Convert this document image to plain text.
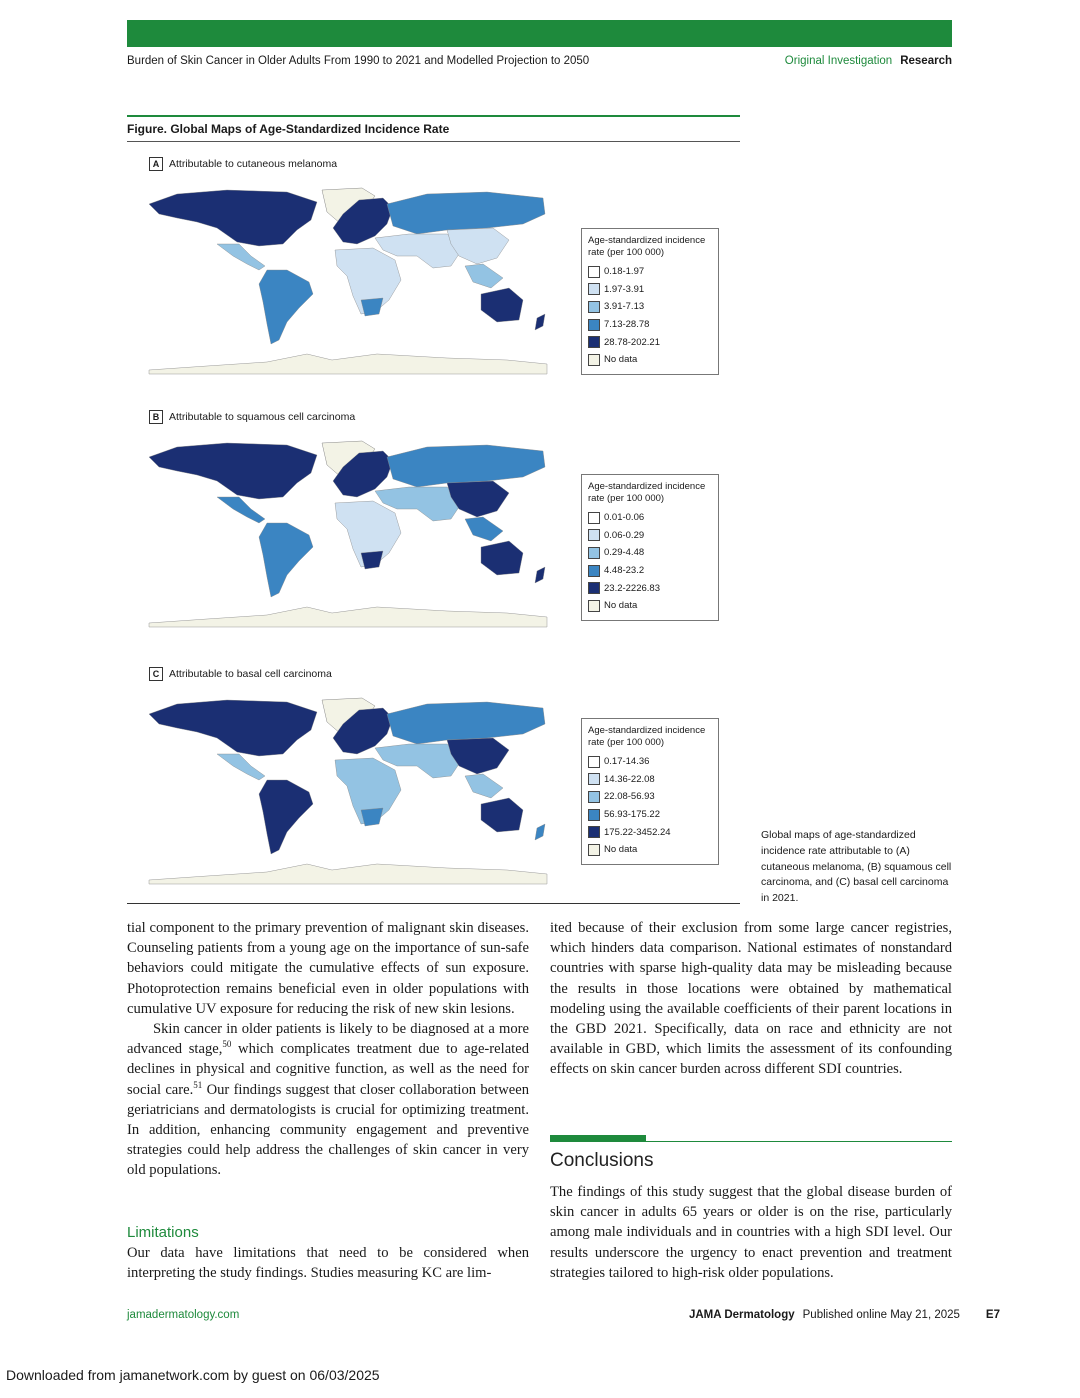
Burden of Skin Cancer in Older Adults From 1990 to 2021 and Modelled Projection to 2050	Original Investigation Research
Figure. Global Maps of Age-Standardized Incidence Rate
A Attributable to cutaneous melanoma
Age-standardized incidence rate (per 100 000)
0.18-1.97
1.97-3.91
3.91-7.13
7.13-28.78
28.78-202.21
No data
B Attributable to squamous cell carcinoma
Age-standardized incidence rate (per 100 000)
0.01-0.06
0.06-0.29
0.29-4.48
4.48-23.2
23.2-2226.83
No data
C Attributable to basal cell carcinoma
Age-standardized incidence rate (per 100 000)
0.17-14.36
14.36-22.08
22.08-56.93
56.93-175.22
175.22-3452.24
No data
Global maps of age-standardized incidence rate attributable to (A) cutaneous melanoma, (B) squamous cell carcinoma, and (C) basal cell carcinoma in 2021.

tial component to the primary prevention of malignant skin diseases. Counseling patients from a young age on the importance of sun-safe behaviors could mitigate the cumulative effects of sun exposure. Photoprotection remains beneficial even in older populations with cumulative UV exposure for reducing the risk of new skin lesions.

Skin cancer in older patients is likely to be diagnosed at a more advanced stage,$^{50}$ which complicates treatment due to age-related declines in physical and cognitive function, as well as the need for social care.$^{51}$ Our findings suggest that closer collaboration between geriatricians and dermatologists is crucial for optimizing treatment. In addition, enhancing community engagement and preventive strategies could help address the challenges of skin cancer in very old populations.

Limitations
Our data have limitations that need to be considered when interpreting the study findings. Studies measuring KC are lim-

ited because of their exclusion from some large cancer registries, which hinders data comparison. National estimates of nonstandard countries with sparse high-quality data may be misleading because the results in those locations were obtained by mathematical modeling using the available coefficients of their parent locations in the GBD 2021. Specifically, data on race and ethnicity are not available in GBD, which limits the assessment of its confounding effects on skin cancer burden across different SDI countries.

Conclusions
The findings of this study suggest that the global disease burden of skin cancer in adults 65 years or older is on the rise, particularly among male individuals and in countries with a high SDI level. Our results underscore the urgency to enact prevention and treatment strategies tailored to high-risk older populations.
jamadermatology.com	JAMA Dermatology Published online May 21, 2025 E7
Downloaded from jamanetwork.com by guest on 06/03/2025
